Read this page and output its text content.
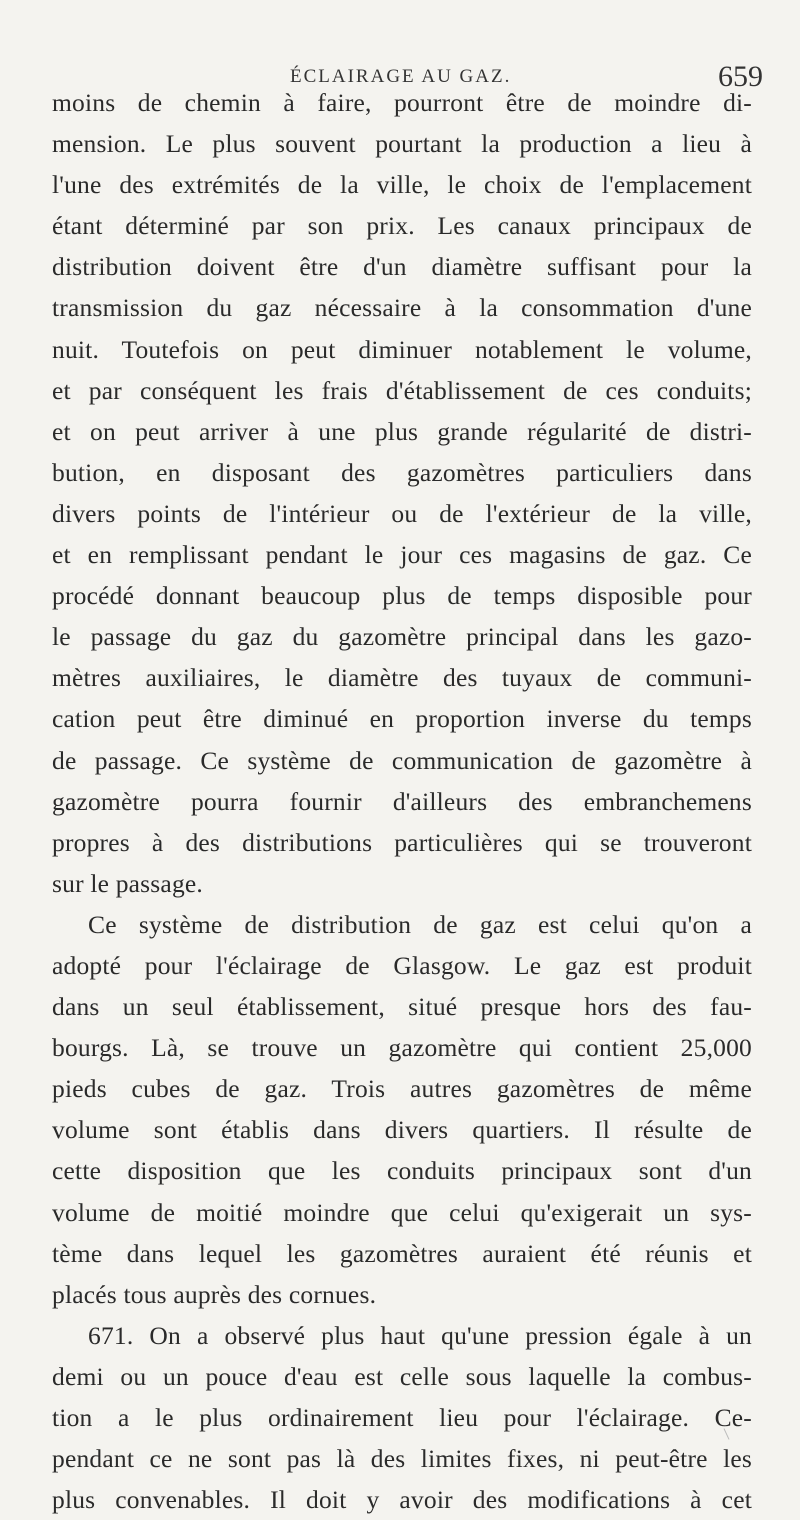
ÉCLAIRAGE AU GAZ.	659
moins de chemin à faire, pourront être de moindre di-
mension. Le plus souvent pourtant la production a lieu à
l'une des extrémités de la ville, le choix de l'emplacement
étant déterminé par son prix. Les canaux principaux de
distribution doivent être d'un diamètre suffisant pour la
transmission du gaz nécessaire à la consommation d'une
nuit. Toutefois on peut diminuer notablement le volume,
et par conséquent les frais d'établissement de ces conduits;
et on peut arriver à une plus grande régularité de distri-
bution, en disposant des gazomètres particuliers dans
divers points de l'intérieur ou de l'extérieur de la ville,
et en remplissant pendant le jour ces magasins de gaz. Ce
procédé donnant beaucoup plus de temps disposible pour
le passage du gaz du gazomètre principal dans les gazo-
mètres auxiliaires, le diamètre des tuyaux de communi-
cation peut être diminué en proportion inverse du temps
de passage. Ce système de communication de gazomètre à
gazomètre pourra fournir d'ailleurs des embranchemens
propres à des distributions particulières qui se trouveront
sur le passage.
Ce système de distribution de gaz est celui qu'on a
adopté pour l'éclairage de Glasgow. Le gaz est produit
dans un seul établissement, situé presque hors des fau-
bourgs. Là, se trouve un gazomètre qui contient 25,000
pieds cubes de gaz. Trois autres gazomètres de même
volume sont établis dans divers quartiers. Il résulte de
cette disposition que les conduits principaux sont d'un
volume de moitié moindre que celui qu'exigerait un sys-
tème dans lequel les gazomètres auraient été réunis et
placés tous auprès des cornues.
671. On a observé plus haut qu'une pression égale à un
demi ou un pouce d'eau est celle sous laquelle la combus-
tion a le plus ordinairement lieu pour l'éclairage. Ce-
pendant ce ne sont pas là des limites fixes, ni peut-être les
plus convenables. Il doit y avoir des modifications à cet
